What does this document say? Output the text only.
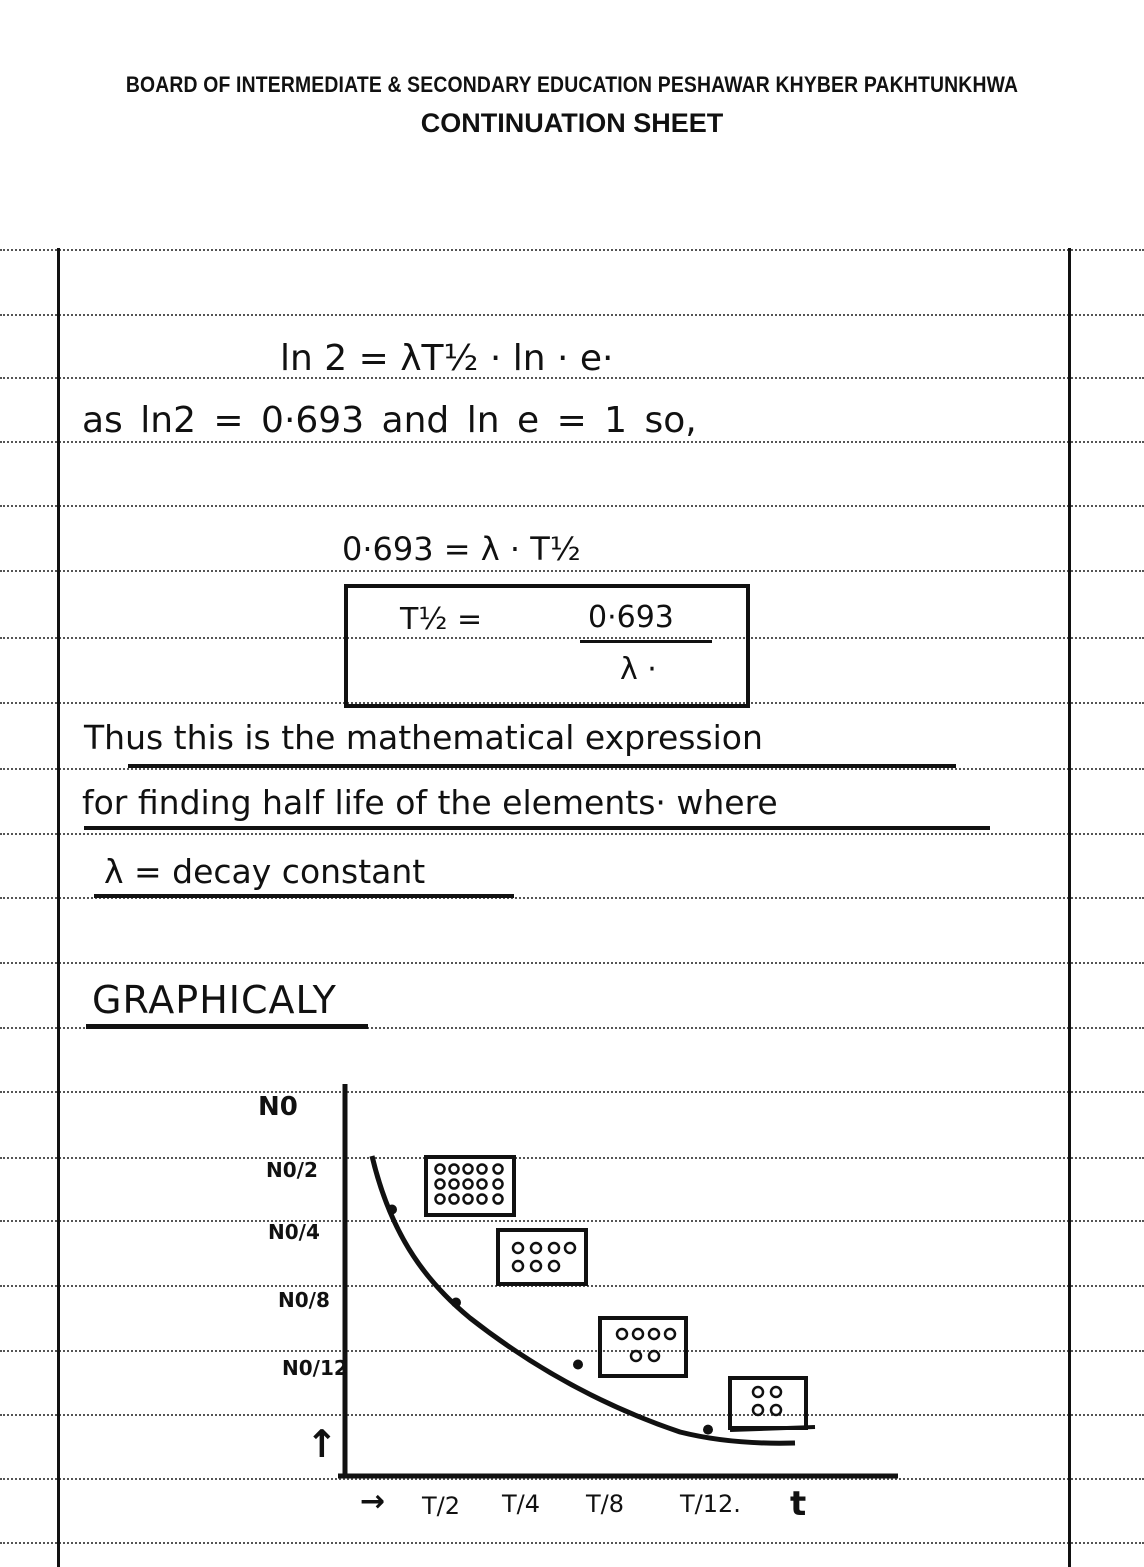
BOARD OF INTERMEDIATE & SECONDARY EDUCATION PESHAWAR KHYBER PAKHTUNKHWA
CONTINUATION SHEET
ln 2 = λT½ · ln · e·
as ln2 = 0·693 and ln e = 1 so,
0·693 = λ · T½
T½ =	0·693
λ ·
Thus this is the mathematical expression
for finding half life of the elements· where
λ = decay constant
GRAPHICALY
N0
N0/2
N0/4
N0/8
N0/12
↑
→ T/2 T/4 T/8 T/12. t
